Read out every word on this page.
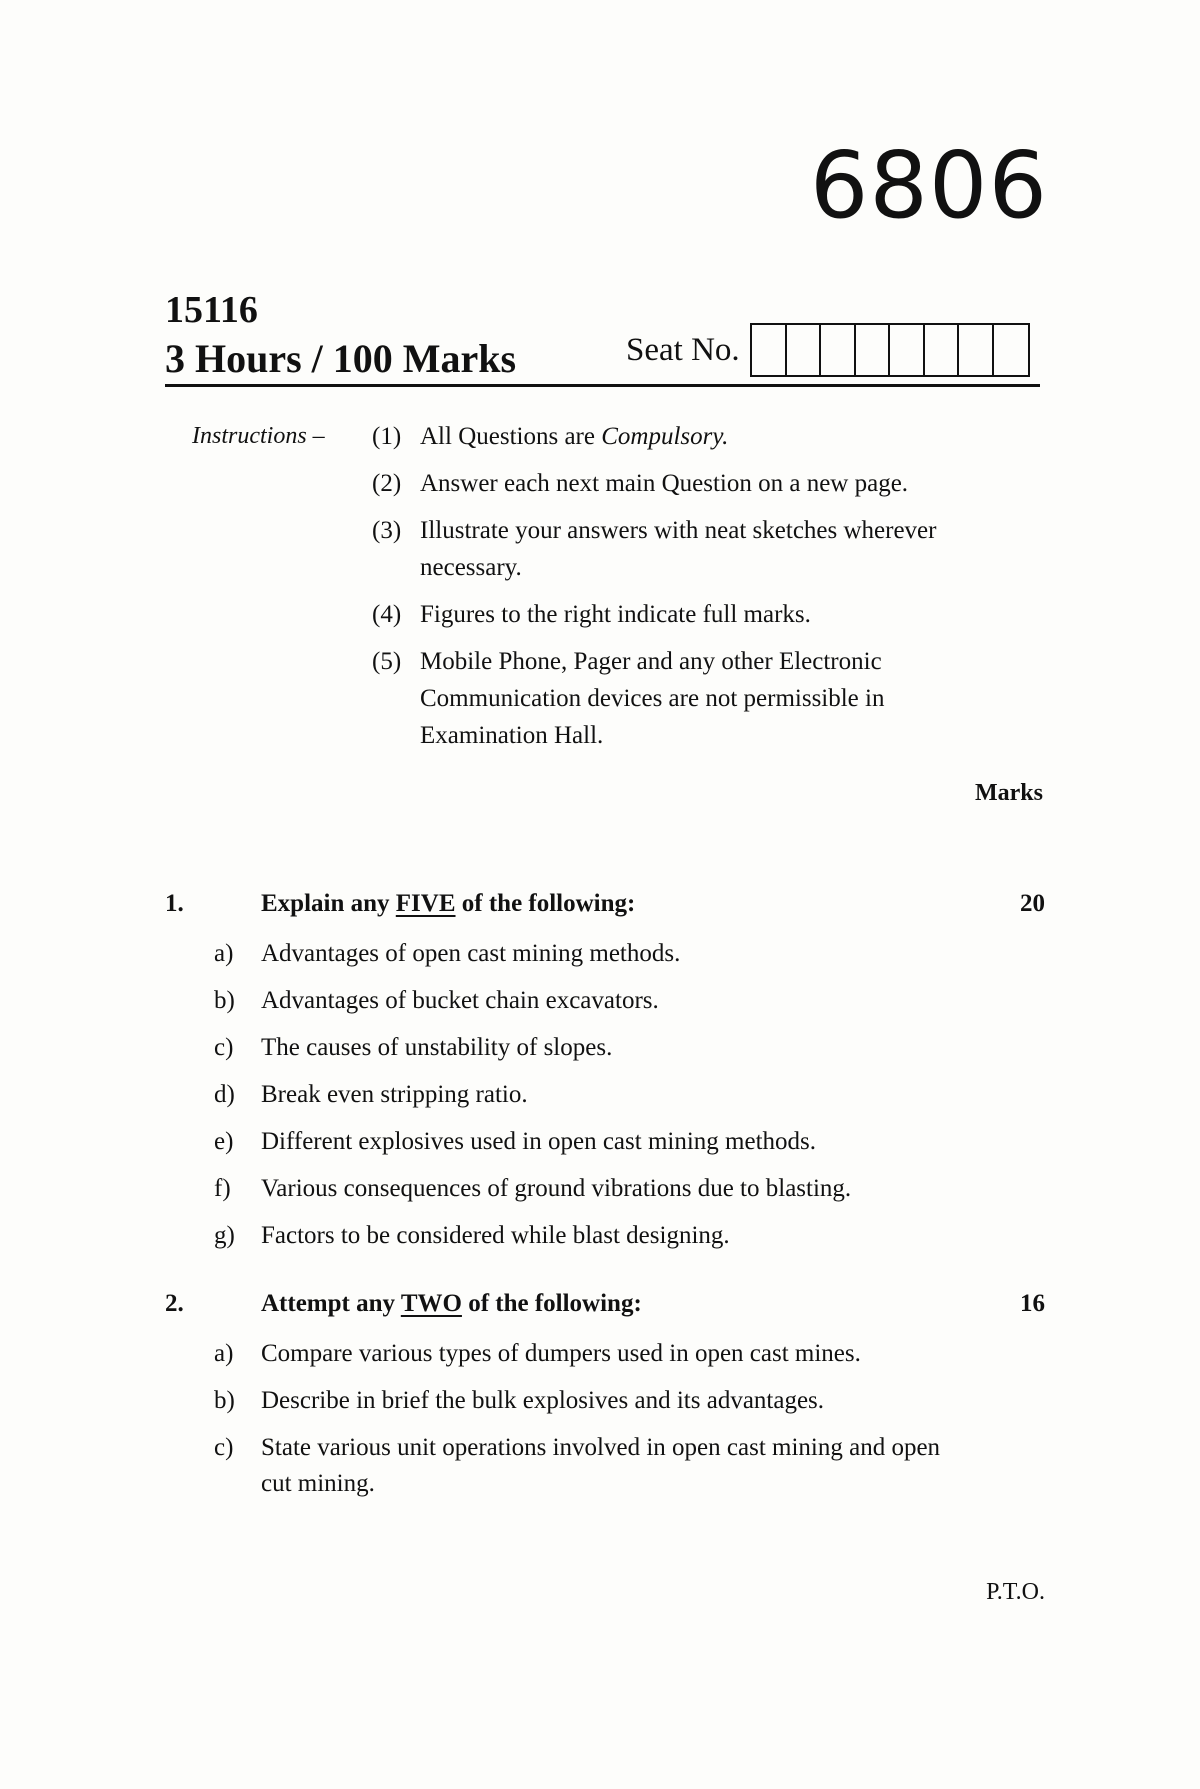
6806
15116
3 Hours / 100 Marks	Seat No.
Instructions – (1) All Questions are Compulsory.
(2) Answer each next main Question on a new page.
(3) Illustrate your answers with neat sketches wherever necessary.
(4) Figures to the right indicate full marks.
(5) Mobile Phone, Pager and any other Electronic Communication devices are not permissible in Examination Hall.
Marks
1.	Explain any FIVE of the following:	20
a)	Advantages of open cast mining methods.
b)	Advantages of bucket chain excavators.
c)	The causes of unstability of slopes.
d)	Break even stripping ratio.
e)	Different explosives used in open cast mining methods.
f)	Various consequences of ground vibrations due to blasting.
g)	Factors to be considered while blast designing.
2.	Attempt any TWO of the following:	16
a)	Compare various types of dumpers used in open cast mines.
b)	Describe in brief the bulk explosives and its advantages.
c)	State various unit operations involved in open cast mining and open cut mining.
P.T.O.
